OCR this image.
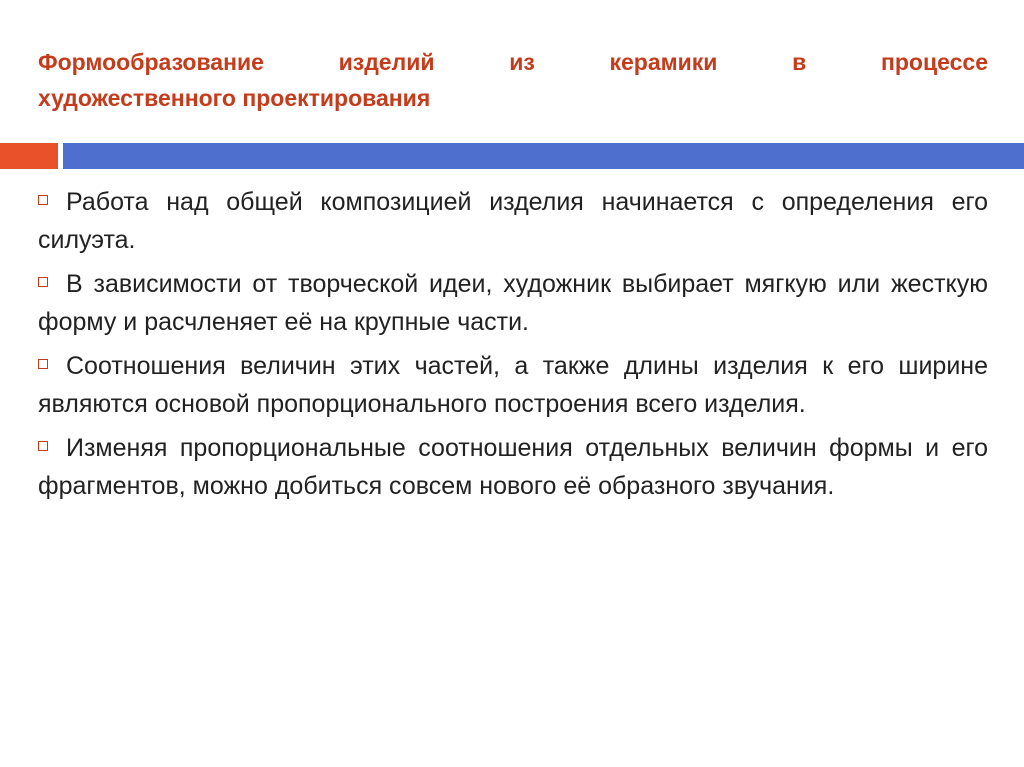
Формообразование изделий из керамики в процессе
художественного проектирования
Работа над общей композицией изделия начинается с определения его силуэта.
В зависимости от творческой идеи, художник выбирает мягкую или жесткую форму и расчленяет её на крупные части.
Соотношения величин этих частей, а также длины изделия к его ширине являются основой пропорционального построения всего изделия.
Изменяя пропорциональные соотношения отдельных величин формы и его фрагментов, можно добиться совсем нового её образного звучания.
